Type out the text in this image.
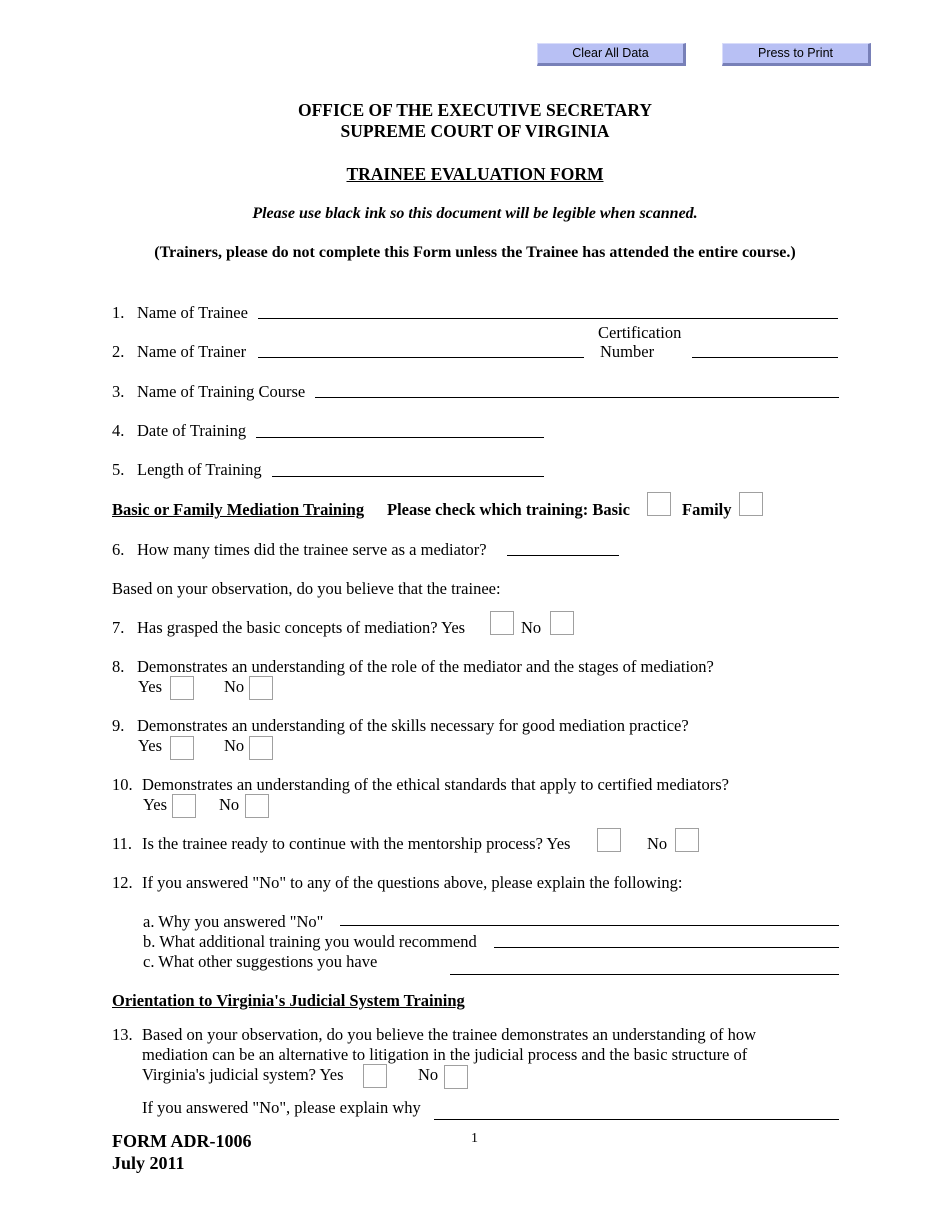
Clear All Data	Press to Print
OFFICE OF THE EXECUTIVE SECRETARY
SUPREME COURT OF VIRGINIA
TRAINEE EVALUATION FORM
Please use black ink so this document will be legible when scanned.
(Trainers, please do not complete this Form unless the Trainee has attended the entire course.)
1. Name of Trainee
Certification
2. Name of Trainer	Number
3. Name of Training Course
4. Date of Training
5. Length of Training
Basic or Family Mediation Training Please check which training: Basic	Family
6. How many times did the trainee serve as a mediator?
Based on your observation, do you believe that the trainee:
7. Has grasped the basic concepts of mediation? Yes	No
8. Demonstrates an understanding of the role of the mediator and the stages of mediation?
Yes	No
9. Demonstrates an understanding of the skills necessary for good mediation practice?
Yes	No
10. Demonstrates an understanding of the ethical standards that apply to certified mediators?
Yes	No
11. Is the trainee ready to continue with the mentorship process? Yes	No
12. If you answered "No" to any of the questions above, please explain the following:
a. Why you answered "No"
b. What additional training you would recommend
c. What other suggestions you have
Orientation to Virginia's Judicial System Training
13. Based on your observation, do you believe the trainee demonstrates an understanding of how
mediation can be an alternative to litigation in the judicial process and the basic structure of
Virginia's judicial system? Yes	No
If you answered "No", please explain why
FORM ADR-1006
July 2011
1
